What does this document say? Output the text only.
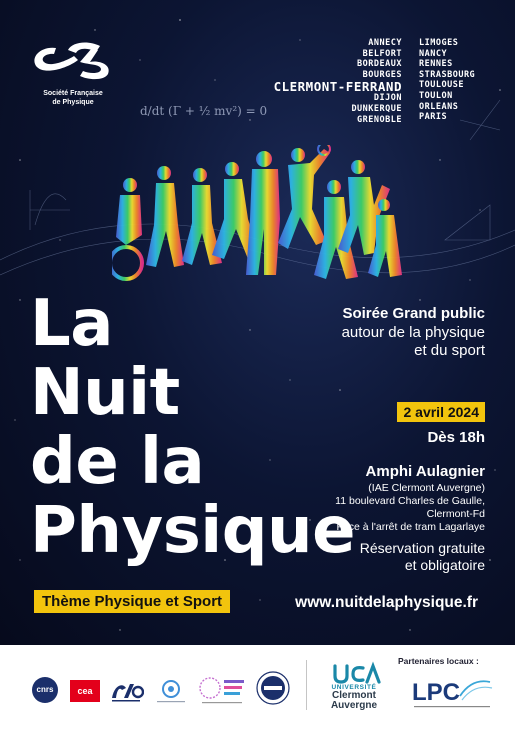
Société Française
de Physique
ANNECY
BELFORT
BORDEAUX
BOURGES
CLERMONT-FERRAND
DIJON
DUNKERQUE
GRENOBLE
LIMOGES
NANCY
RENNES
STRASBOURG
TOULOUSE
TOULON
ORLEANS
PARIS
d/dt (Γ + ½ mv²) = 0
La
Nuit
de la
Physique
Thème Physique et Sport
Soirée Grand public
autour de la physique
et du sport
2 avril 2024
Dès 18h
Amphi Aulagnier
(IAE Clermont Auvergne)
11 boulevard Charles de Gaulle,
Clermont-Fd
Face à l'arrêt de tram Lagarlaye
Réservation gratuite
et obligatoire
www.nuitdelaphysique.fr
cnrs	cea	UNIVERSITÉ
Clermont
Auvergne
Partenaires locaux :
LPC
